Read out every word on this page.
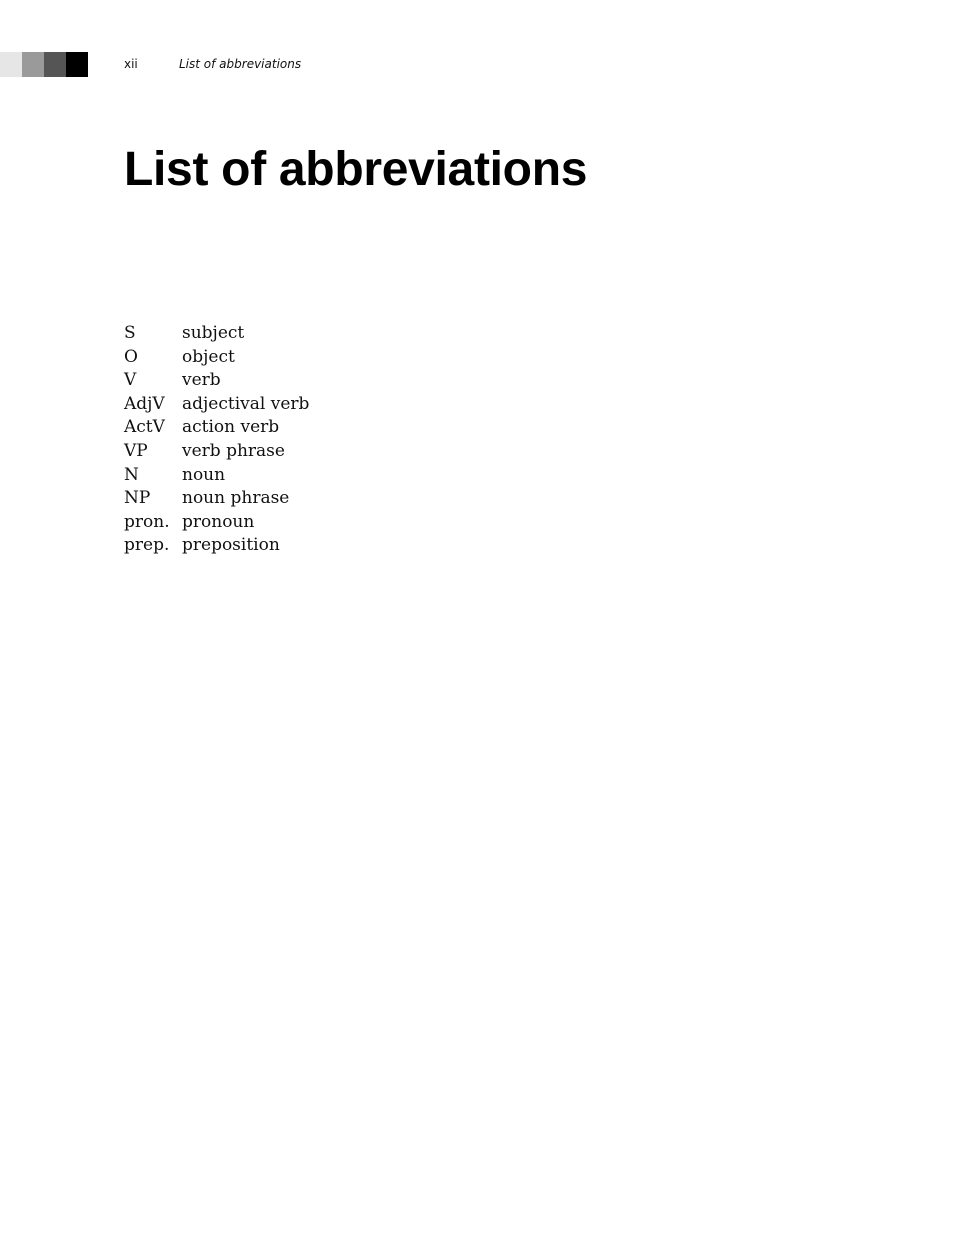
xii	List of abbreviations
List of abbreviations
S	subject
O	object
V	verb
AdjV	adjectival verb
ActV	action verb
VP	verb phrase
N	noun
NP	noun phrase
pron. pronoun
prep. preposition
